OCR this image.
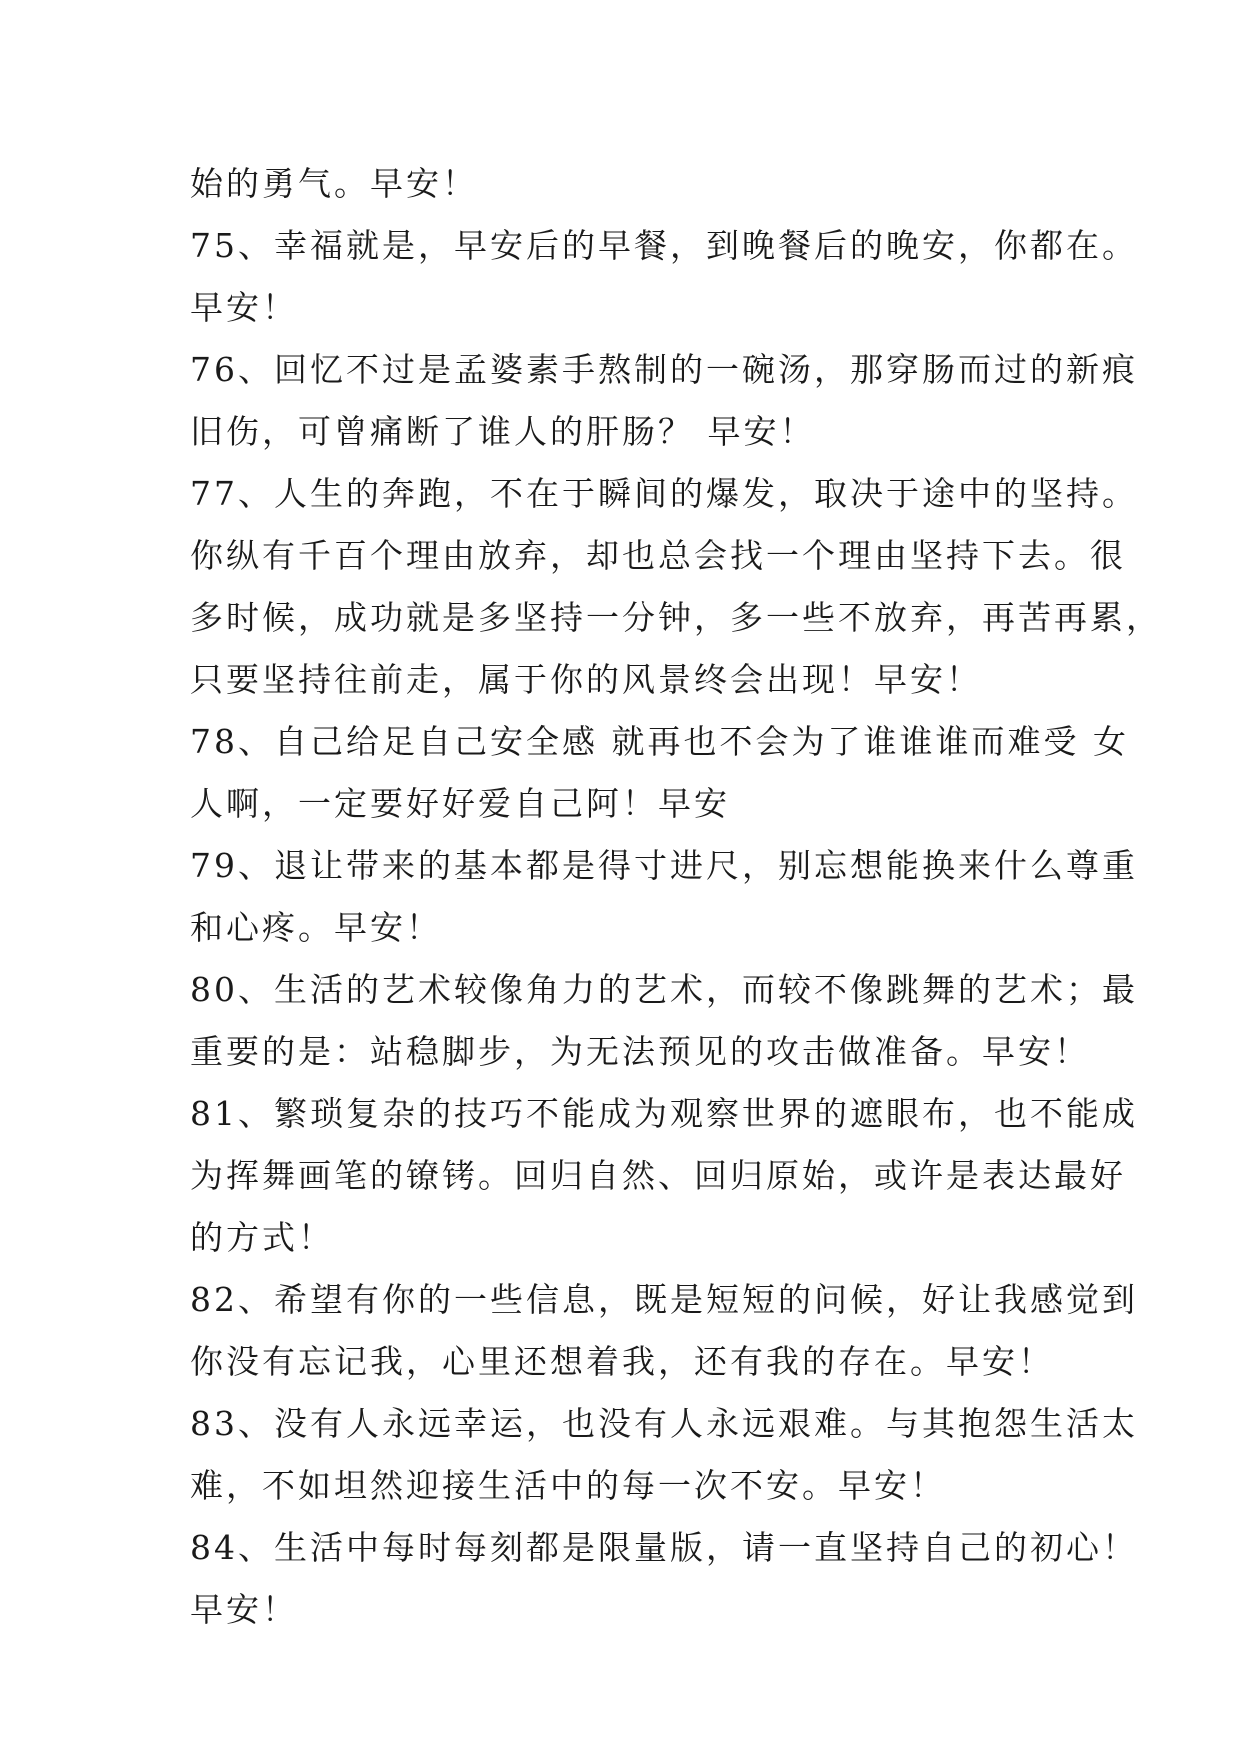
始的勇气。早安！
75、幸福就是，早安后的早餐，到晚餐后的晚安，你都在。
早安！
76、回忆不过是孟婆素手熬制的一碗汤，那穿肠而过的新痕
旧伤，可曾痛断了谁人的肝肠？ 早安！
77、人生的奔跑，不在于瞬间的爆发，取决于途中的坚持。
你纵有千百个理由放弃，却也总会找一个理由坚持下去。很
多时候，成功就是多坚持一分钟，多一些不放弃，再苦再累，
只要坚持往前走，属于你的风景终会出现！早安！
78、自己给足自己安全感 就再也不会为了谁谁谁而难受 女
人啊，一定要好好爱自己阿！早安
79、退让带来的基本都是得寸进尺，别忘想能换来什么尊重
和心疼。早安！
80、生活的艺术较像角力的艺术，而较不像跳舞的艺术；最
重要的是：站稳脚步，为无法预见的攻击做准备。早安！
81、繁琐复杂的技巧不能成为观察世界的遮眼布，也不能成
为挥舞画笔的镣铐。回归自然、回归原始，或许是表达最好
的方式！
82、希望有你的一些信息，既是短短的问候，好让我感觉到
你没有忘记我，心里还想着我，还有我的存在。早安！
83、没有人永远幸运，也没有人永远艰难。与其抱怨生活太
难，不如坦然迎接生活中的每一次不安。早安！
84、生活中每时每刻都是限量版，请一直坚持自己的初心！
早安！
